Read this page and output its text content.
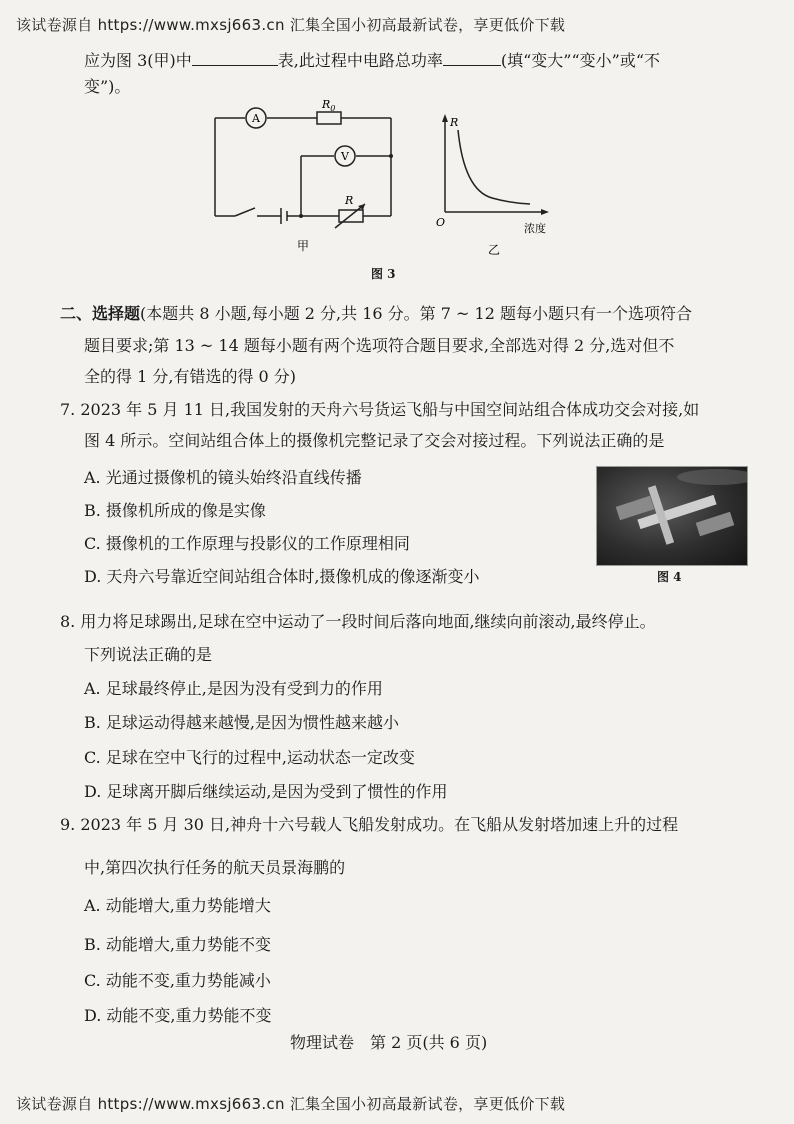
该试卷源自 https://www.mxsj663.cn 汇集全国小初高最新试卷，享更低价下载
应为图 3(甲)中	表,此过程中电路总功率	(填“变大”“变小”或“不
变”)。
A
V
$R_0$
R
甲
R
O	浓度
乙
图 3
二、选择题(本题共 8 小题,每小题 2 分,共 16 分。第 7 ~ 12 题每小题只有一个选项符合
题目要求;第 13 ~ 14 题每小题有两个选项符合题目要求,全部选对得 2 分,选对但不
全的得 1 分,有错选的得 0 分)
7. 2023 年 5 月 11 日,我国发射的天舟六号货运飞船与中国空间站组合体成功交会对接,如
图 4 所示。空间站组合体上的摄像机完整记录了交会对接过程。下列说法正确的是
A. 光通过摄像机的镜头始终沿直线传播
B. 摄像机所成的像是实像
C. 摄像机的工作原理与投影仪的工作原理相同
D. 天舟六号靠近空间站组合体时,摄像机成的像逐渐变小	图 4
8. 用力将足球踢出,足球在空中运动了一段时间后落向地面,继续向前滚动,最终停止。
下列说法正确的是
A. 足球最终停止,是因为没有受到力的作用
B. 足球运动得越来越慢,是因为惯性越来越小
C. 足球在空中飞行的过程中,运动状态一定改变
D. 足球离开脚后继续运动,是因为受到了惯性的作用
9. 2023 年 5 月 30 日,神舟十六号载人飞船发射成功。在飞船从发射塔加速上升的过程
中,第四次执行任务的航天员景海鹏的
A. 动能增大,重力势能增大
B. 动能增大,重力势能不变
C. 动能不变,重力势能减小
D. 动能不变,重力势能不变
物理试卷　第 2 页(共 6 页)
该试卷源自 https://www.mxsj663.cn 汇集全国小初高最新试卷，享更低价下载
